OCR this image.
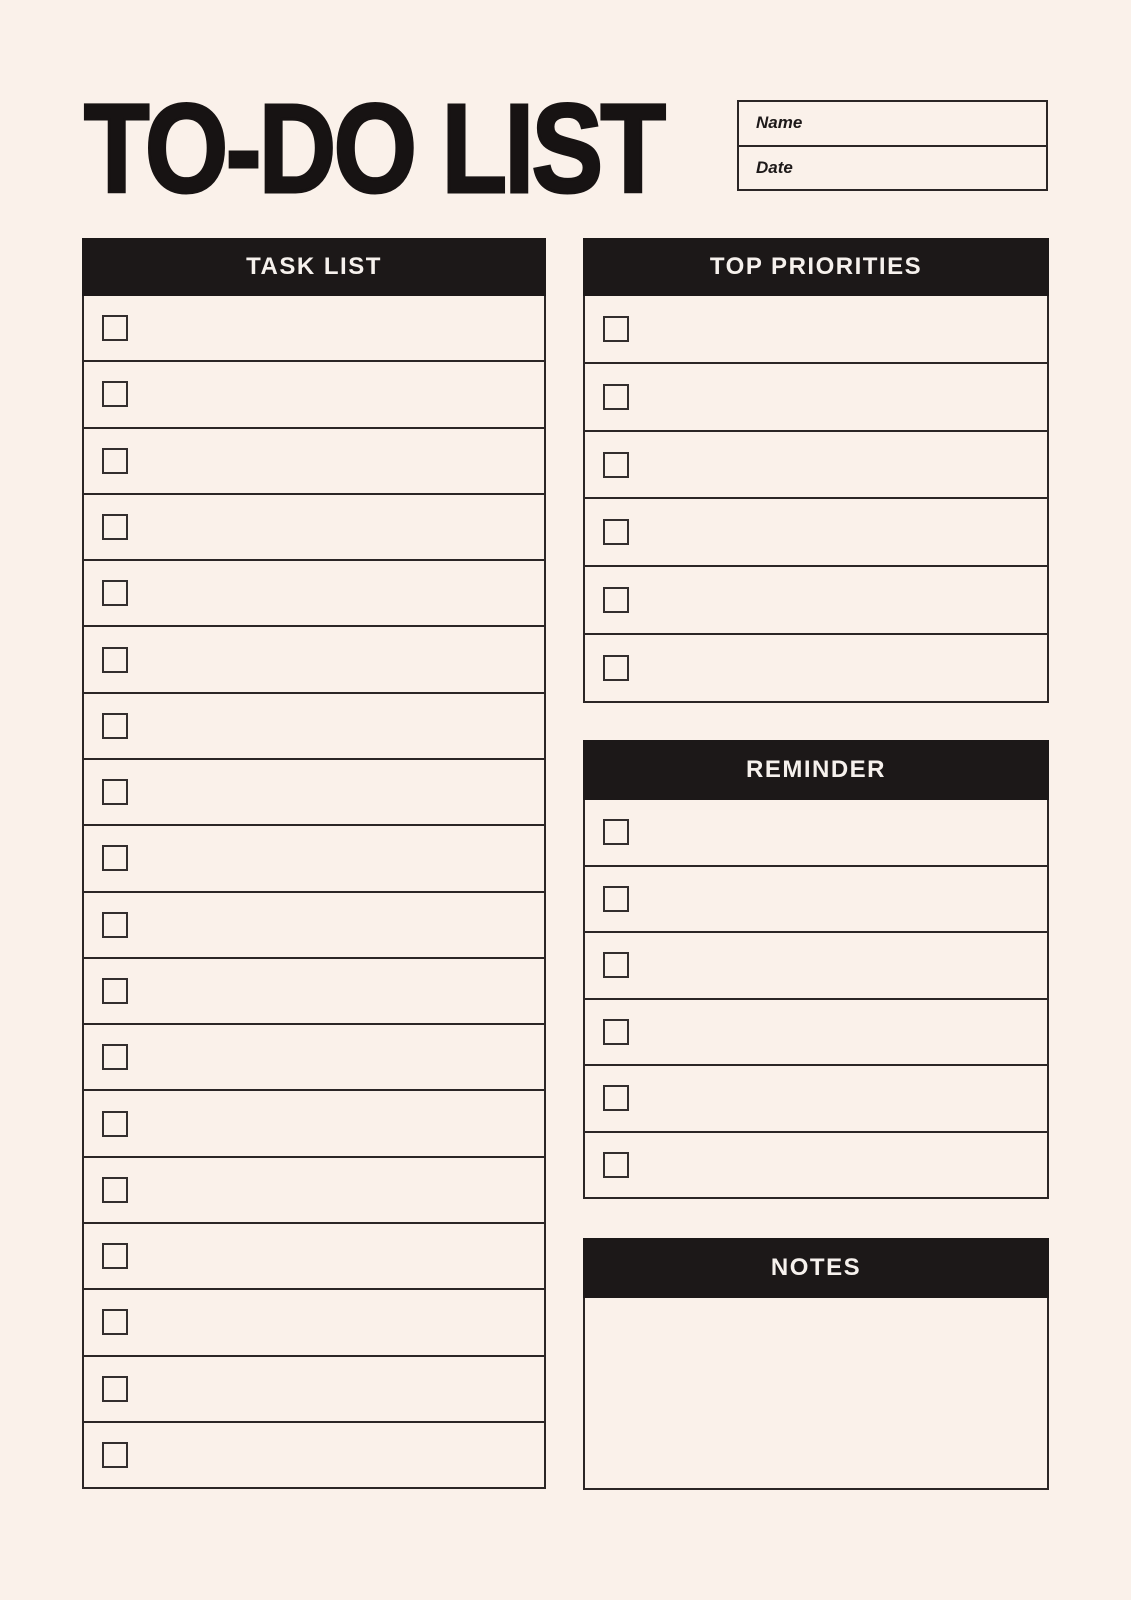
TO-DO LIST	Name
Date
TASK LIST	TOP PRIORITIES
REMINDER
NOTES
